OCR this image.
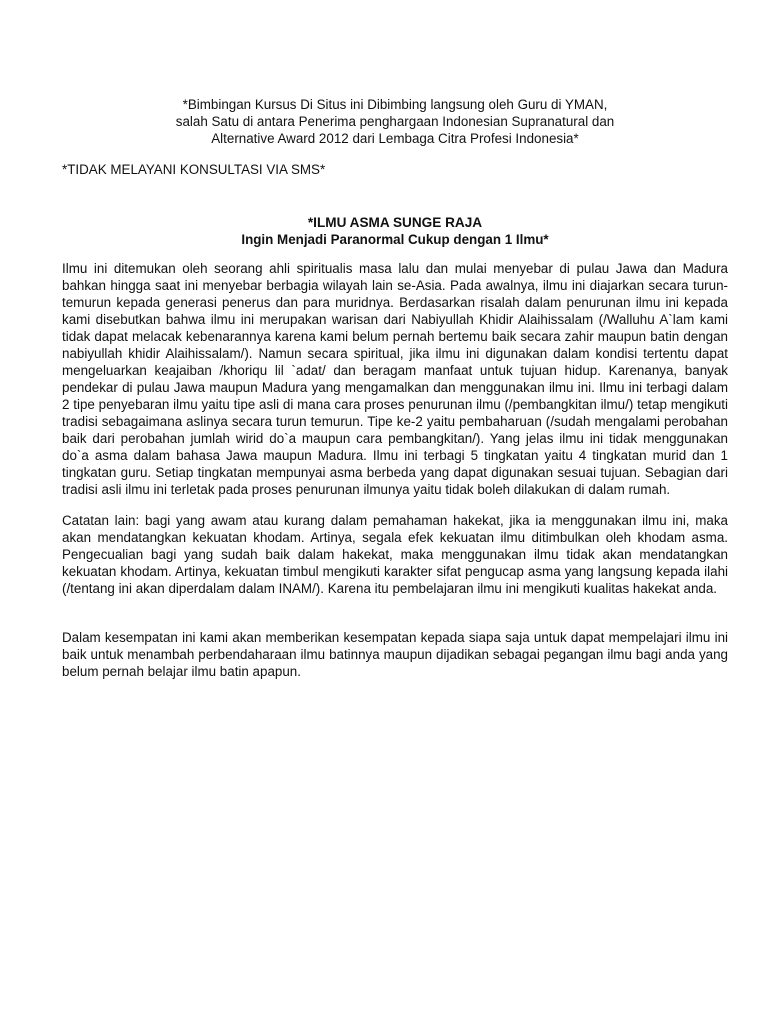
*Bimbingan Kursus Di Situs ini Dibimbing langsung oleh Guru di YMAN,
salah Satu di antara Penerima penghargaan Indonesian Supranatural dan
Alternative Award 2012 dari Lembaga Citra Profesi Indonesia*
*TIDAK MELAYANI KONSULTASI VIA SMS*
*ILMU ASMA SUNGE RAJA
Ingin Menjadi Paranormal Cukup dengan 1 Ilmu*

Ilmu ini ditemukan oleh seorang ahli spiritualis masa lalu dan mulai menyebar di pulau Jawa dan Madura bahkan hingga saat ini menyebar berbagia wilayah lain se-Asia. Pada awalnya, ilmu ini diajarkan secara turun-temurun kepada generasi penerus dan para muridnya. Berdasarkan risalah dalam penurunan ilmu ini kepada kami disebutkan bahwa ilmu ini merupakan warisan dari Nabiyullah Khidir Alaihissalam (/Walluhu A`lam kami tidak dapat melacak kebenarannya karena kami belum pernah bertemu baik secara zahir maupun batin dengan nabiyullah khidir Alaihissalam/). Namun secara spiritual, jika ilmu ini digunakan dalam kondisi tertentu dapat mengeluarkan keajaiban /khoriqu lil `adat/ dan beragam manfaat untuk tujuan hidup. Karenanya, banyak pendekar di pulau Jawa maupun Madura yang mengamalkan dan menggunakan ilmu ini. Ilmu ini terbagi dalam 2 tipe penyebaran ilmu yaitu tipe asli di mana cara proses penurunan ilmu (/pembangkitan ilmu/) tetap mengikuti tradisi sebagaimana aslinya secara turun temurun. Tipe ke-2 yaitu pembaharuan (/sudah mengalami perobahan baik dari perobahan jumlah wirid do`a maupun cara pembangkitan/). Yang jelas ilmu ini tidak menggunakan do`a asma dalam bahasa Jawa maupun Madura. Ilmu ini terbagi 5 tingkatan yaitu 4 tingkatan murid dan 1 tingkatan guru. Setiap tingkatan mempunyai asma berbeda yang dapat digunakan sesuai tujuan. Sebagian dari tradisi asli ilmu ini terletak pada proses penurunan ilmunya yaitu tidak boleh dilakukan di dalam rumah.

Catatan lain: bagi yang awam atau kurang dalam pemahaman hakekat, jika ia menggunakan ilmu ini, maka akan mendatangkan kekuatan khodam. Artinya, segala efek kekuatan ilmu ditimbulkan oleh khodam asma. Pengecualian bagi yang sudah baik dalam hakekat, maka menggunakan ilmu tidak akan mendatangkan kekuatan khodam. Artinya, kekuatan timbul mengikuti karakter sifat pengucap asma yang langsung kepada ilahi (/tentang ini akan diperdalam dalam INAM/). Karena itu pembelajaran ilmu ini mengikuti kualitas hakekat anda.

Dalam kesempatan ini kami akan memberikan kesempatan kepada siapa saja untuk dapat mempelajari ilmu ini baik untuk menambah perbendaharaan ilmu batinnya maupun dijadikan sebagai pegangan ilmu bagi anda yang belum pernah belajar ilmu batin apapun.
